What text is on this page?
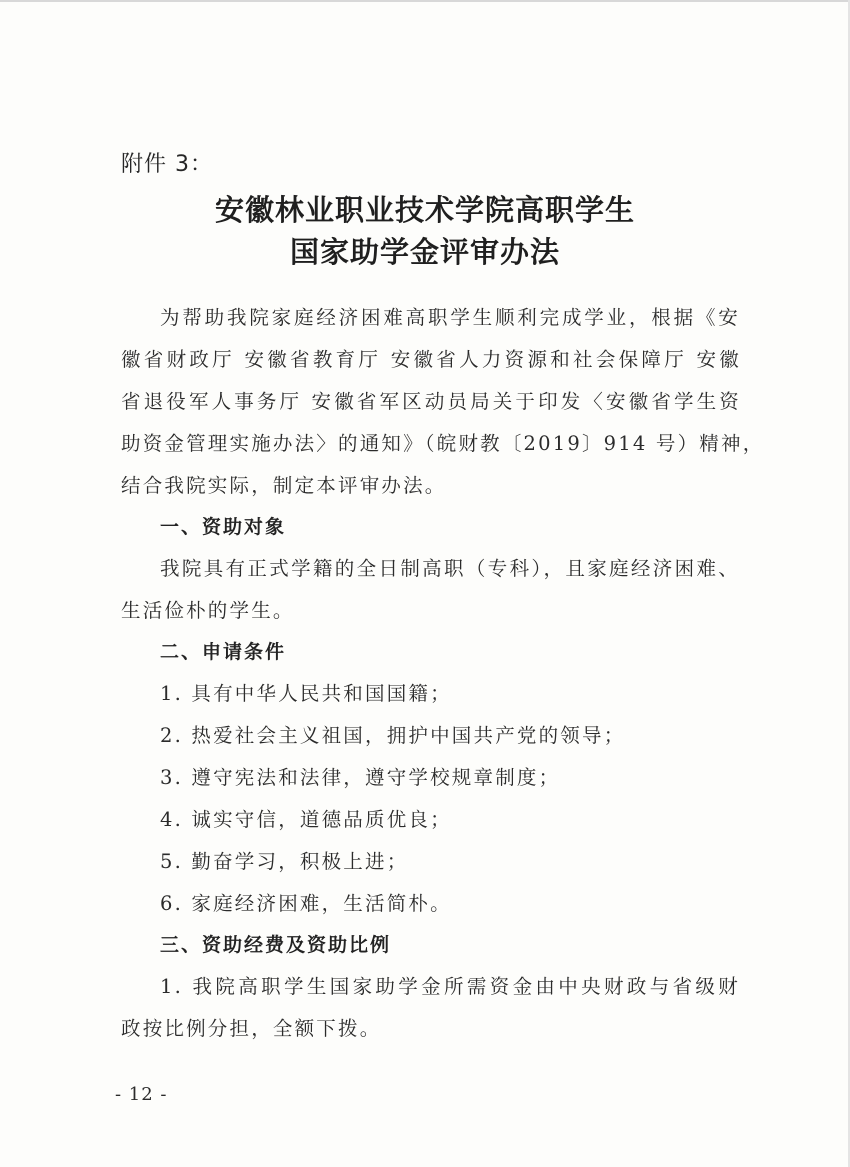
附件 3：
安徽林业职业技术学院高职学生
国家助学金评审办法
为帮助我院家庭经济困难高职学生顺利完成学业，根据《安
徽省财政厅 安徽省教育厅 安徽省人力资源和社会保障厅 安徽
省退役军人事务厅 安徽省军区动员局关于印发〈安徽省学生资
助资金管理实施办法〉的通知》（皖财教〔2019〕914 号）精神，
结合我院实际，制定本评审办法。
一、资助对象
我院具有正式学籍的全日制高职（专科），且家庭经济困难、
生活俭朴的学生。
二、申请条件
1. 具有中华人民共和国国籍；
2. 热爱社会主义祖国，拥护中国共产党的领导；
3. 遵守宪法和法律，遵守学校规章制度；
4. 诚实守信，道德品质优良；
5. 勤奋学习，积极上进；
6. 家庭经济困难，生活简朴。
三、资助经费及资助比例
1. 我院高职学生国家助学金所需资金由中央财政与省级财
政按比例分担，全额下拨。
- 12 -
